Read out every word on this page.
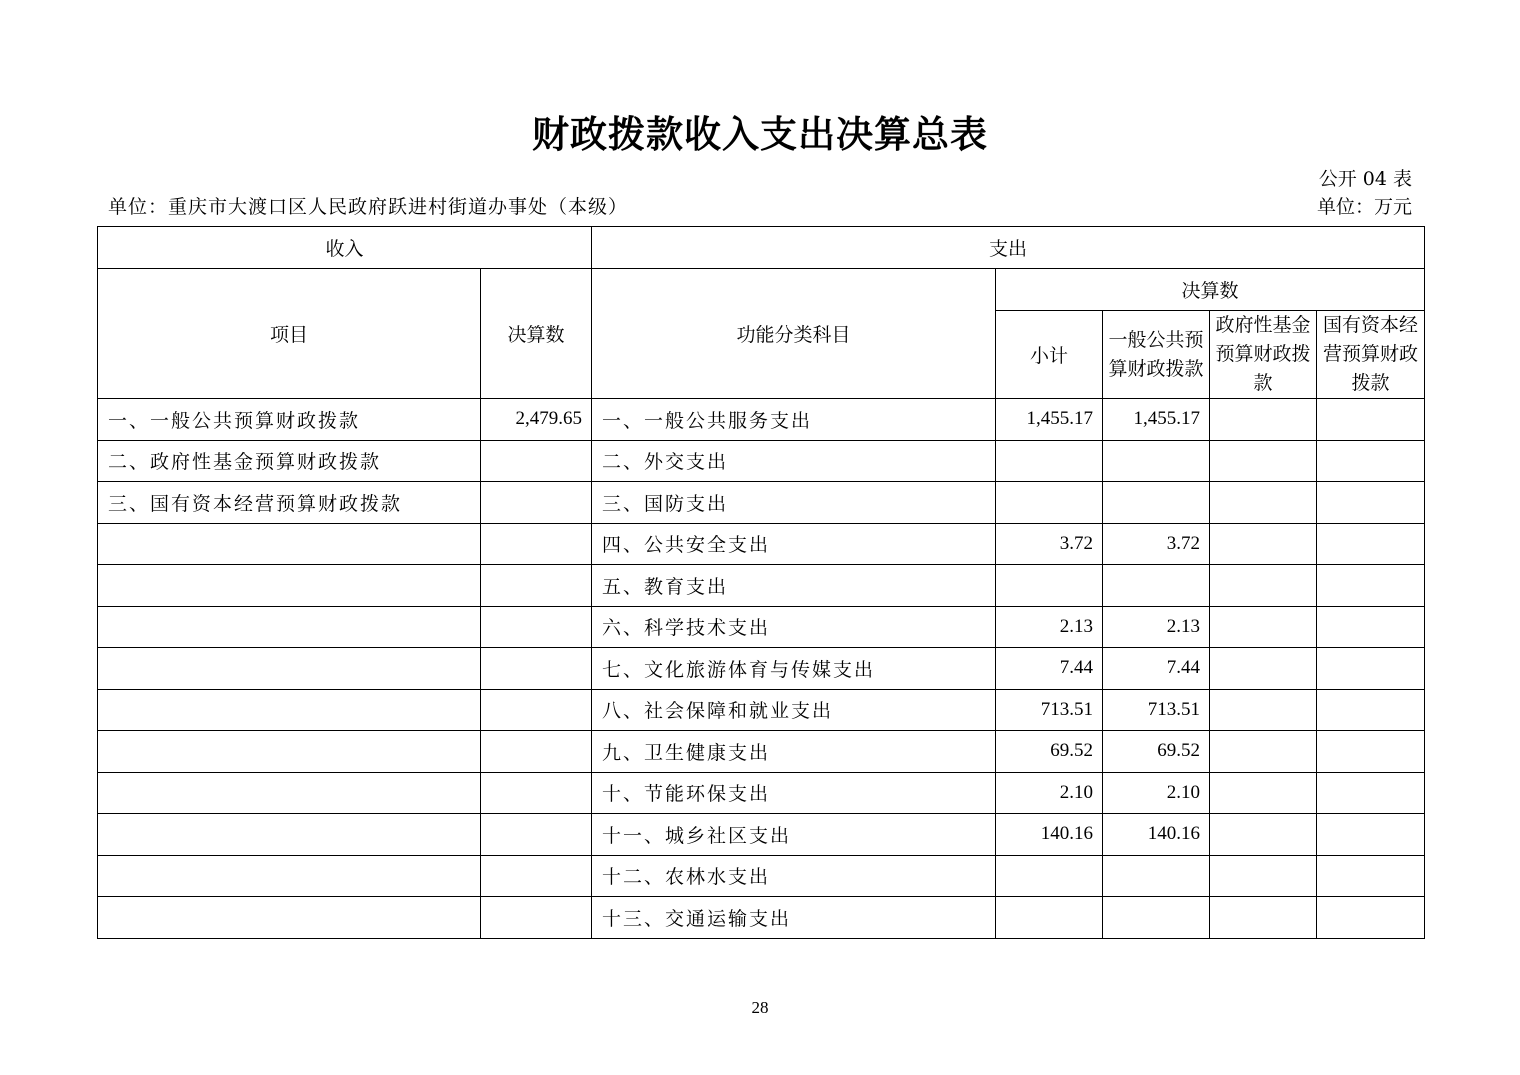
财政拨款收入支出决算总表
公开 04 表
单位：重庆市大渡口区人民政府跃进村街道办事处（本级）	单位：万元
收入		支出				
项目	决算数	功能分类科目	决算数			
			小计	一般公共预算财政拨款	政府性基金预算财政拨款	国有资本经营预算财政拨款
一、一般公共预算财政拨款	2,479.65	一、一般公共服务支出	1,455.17	1,455.17		
二、政府性基金预算财政拨款		二、外交支出				
三、国有资本经营预算财政拨款		三、国防支出				
		四、公共安全支出	3.72	3.72		
		五、教育支出				
		六、科学技术支出	2.13	2.13		
		七、文化旅游体育与传媒支出	7.44	7.44		
		八、社会保障和就业支出	713.51	713.51		
		九、卫生健康支出	69.52	69.52		
		十、节能环保支出	2.10	2.10		
		十一、城乡社区支出	140.16	140.16		
		十二、农林水支出				
		十三、交通运输支出				
28
